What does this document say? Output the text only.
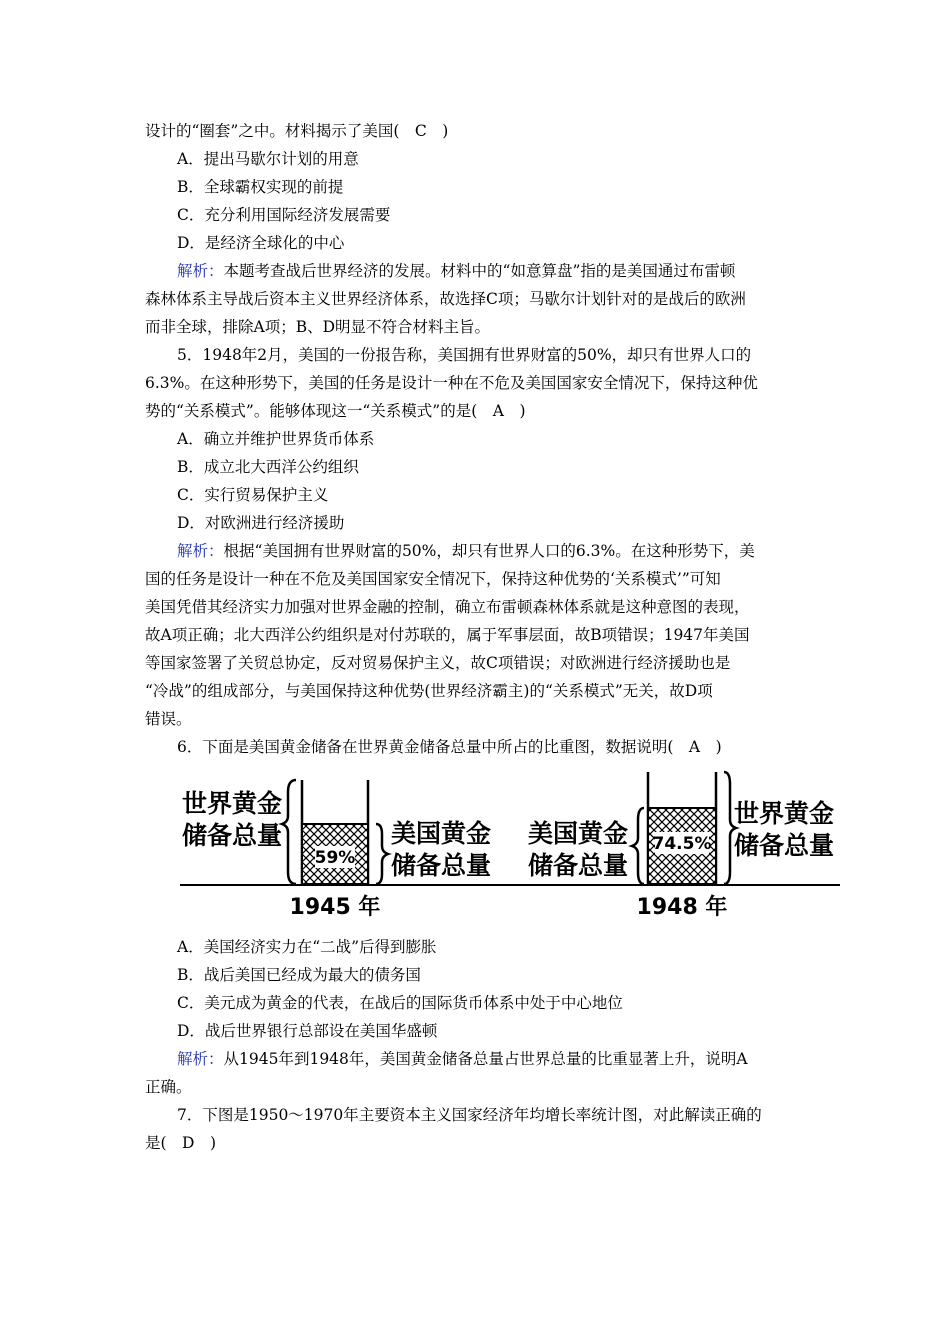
设计的“圈套”之中。材料揭示了美国(　C　)
A．提出马歇尔计划的用意
B．全球霸权实现的前提
C．充分利用国际经济发展需要
D．是经济全球化的中心
解析：本题考查战后世界经济的发展。材料中的“如意算盘”指的是美国通过布雷顿
森林体系主导战后资本主义世界经济体系，故选择C项；马歇尔计划针对的是战后的欧洲
而非全球，排除A项；B、D明显不符合材料主旨。
5．1948年2月，美国的一份报告称，美国拥有世界财富的50%，却只有世界人口的
6.3%。在这种形势下，美国的任务是设计一种在不危及美国国家安全情况下，保持这种优
势的“关系模式”。能够体现这一“关系模式”的是(　A　)
A．确立并维护世界货币体系
B．成立北大西洋公约组织
C．实行贸易保护主义
D．对欧洲进行经济援助
解析：根据“美国拥有世界财富的50%，却只有世界人口的6.3%。在这种形势下，美
国的任务是设计一种在不危及美国国家安全情况下，保持这种优势的‘关系模式’”可知
美国凭借其经济实力加强对世界金融的控制，确立布雷顿森林体系就是这种意图的表现，
故A项正确；北大西洋公约组织是对付苏联的，属于军事层面，故B项错误；1947年美国
等国家签署了关贸总协定，反对贸易保护主义，故C项错误；对欧洲进行经济援助也是
“冷战”的组成部分，与美国保持这种优势(世界经济霸主)的“关系模式”无关，故D项
错误。
6．下面是美国黄金储备在世界黄金储备总量中所占的比重图，数据说明(　A　)
世界黄金
储备总量
59%
美国黄金
储备总量
美国黄金
储备总量
74.5%
世界黄金
储备总量
1945 年	1948 年
A．美国经济实力在“二战”后得到膨胀
B．战后美国已经成为最大的债务国
C．美元成为黄金的代表，在战后的国际货币体系中处于中心地位
D．战后世界银行总部设在美国华盛顿
解析：从1945年到1948年，美国黄金储备总量占世界总量的比重显著上升，说明A
正确。
7．下图是1950～1970年主要资本主义国家经济年均增长率统计图，对此解读正确的
是(　D　)
